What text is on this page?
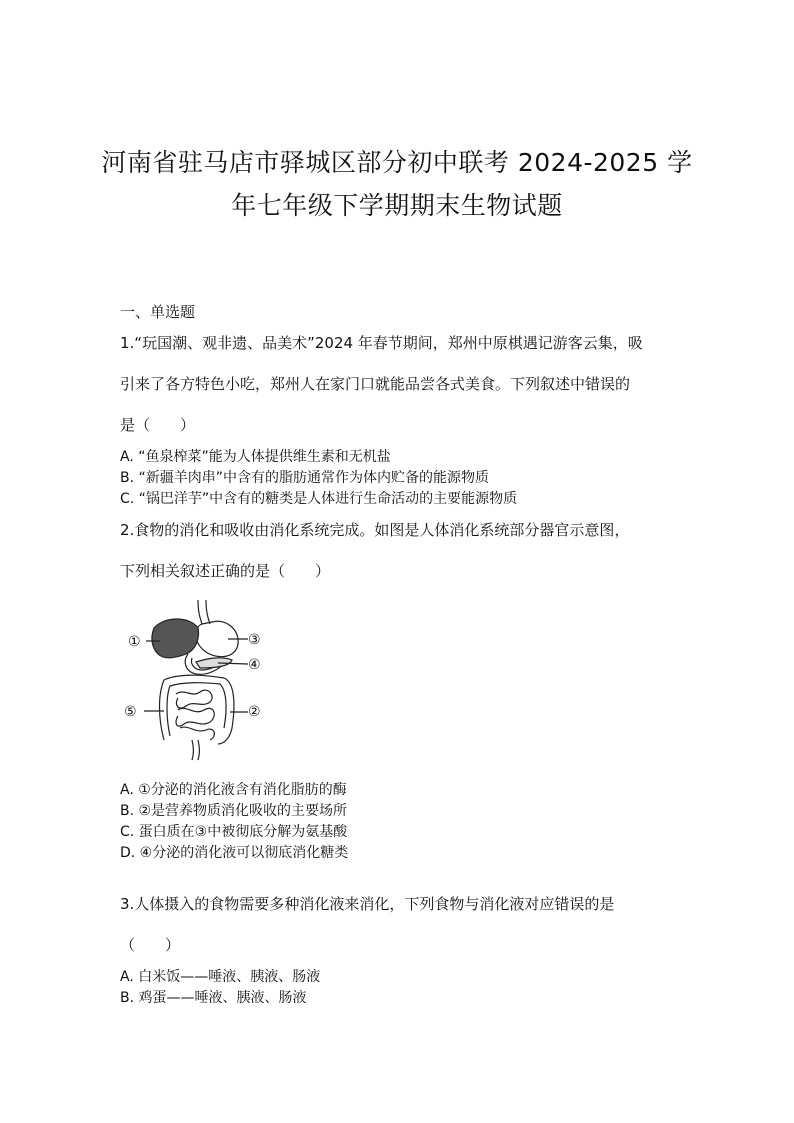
河南省驻马店市驿城区部分初中联考 2024-2025 学
年七年级下学期期末生物试题
一、单选题
1.“玩国潮、观非遗、品美术”2024 年春节期间，郑州中原棋遇记游客云集，吸
引来了各方特色小吃，郑州人在家门口就能品尝各式美食。下列叙述中错误的
是（　　）
A. “鱼泉榨菜”能为人体提供维生素和无机盐
B. “新疆羊肉串”中含有的脂肪通常作为体内贮备的能源物质
C. “锅巴洋芋”中含有的糖类是人体进行生命活动的主要能源物质
2.食物的消化和吸收由消化系统完成。如图是人体消化系统部分器官示意图，
下列相关叙述正确的是（　　）
①
②
③
④
⑤
A. ①分泌的消化液含有消化脂肪的酶
B. ②是营养物质消化吸收的主要场所
C. 蛋白质在③中被彻底分解为氨基酸
D. ④分泌的消化液可以彻底消化糖类
3.人体摄入的食物需要多种消化液来消化，下列食物与消化液对应错误的是
（　　）
A. 白米饭——唾液、胰液、肠液
B. 鸡蛋——唾液、胰液、肠液
